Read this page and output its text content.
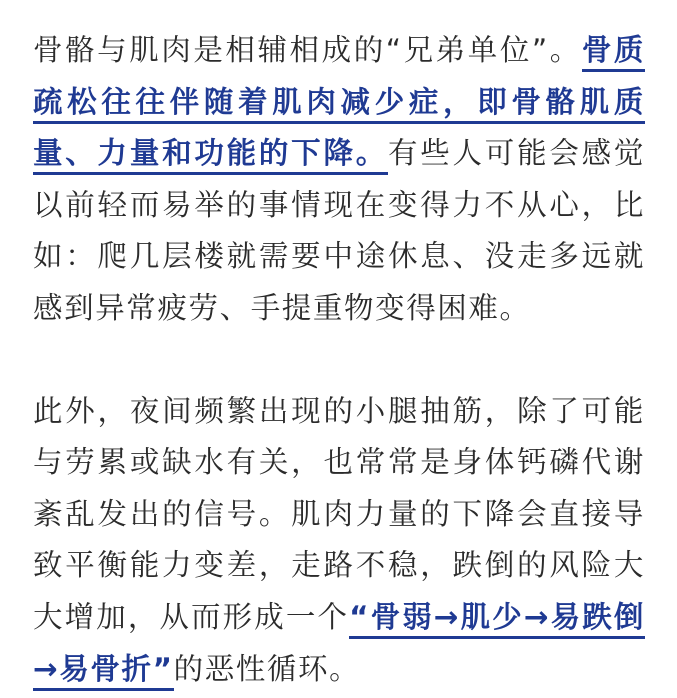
骨骼与肌肉是相辅相成的“兄弟单位”。骨质疏松往往伴随着肌肉减少症，即骨骼肌质量、力量和功能的下降。有些人可能会感觉以前轻而易举的事情现在变得力不从心，比如：爬几层楼就需要中途休息、没走多远就感到异常疲劳、手提重物变得困难。

此外，夜间频繁出现的小腿抽筋，除了可能与劳累或缺水有关，也常常是身体钙磷代谢紊乱发出的信号。肌肉力量的下降会直接导致平衡能力变差，走路不稳，跌倒的风险大大增加，从而形成一个“骨弱→肌少→易跌倒→易骨折”的恶性循环。
